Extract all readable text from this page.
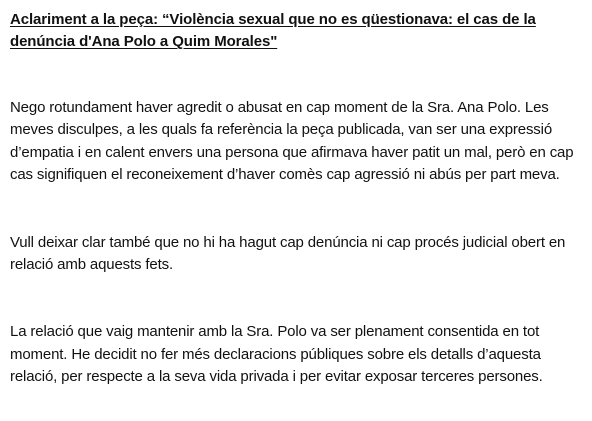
Aclariment a la peça: “Violència sexual que no es qüestionava: el cas de la denúncia d'Ana Polo a Quim Morales"

Nego rotundament haver agredit o abusat en cap moment de la Sra. Ana Polo. Les meves disculpes, a les quals fa referència la peça publicada, van ser una expressió d’empatia i en calent envers una persona que afirmava haver patit un mal, però en cap cas signifiquen el reconeixement d’haver comès cap agressió ni abús per part meva.

Vull deixar clar també que no hi ha hagut cap denúncia ni cap procés judicial obert en relació amb aquests fets.

La relació que vaig mantenir amb la Sra. Polo va ser plenament consentida en tot moment. He decidit no fer més declaracions públiques sobre els detalls d’aquesta relació, per respecte a la seva vida privada i per evitar exposar terceres persones.
